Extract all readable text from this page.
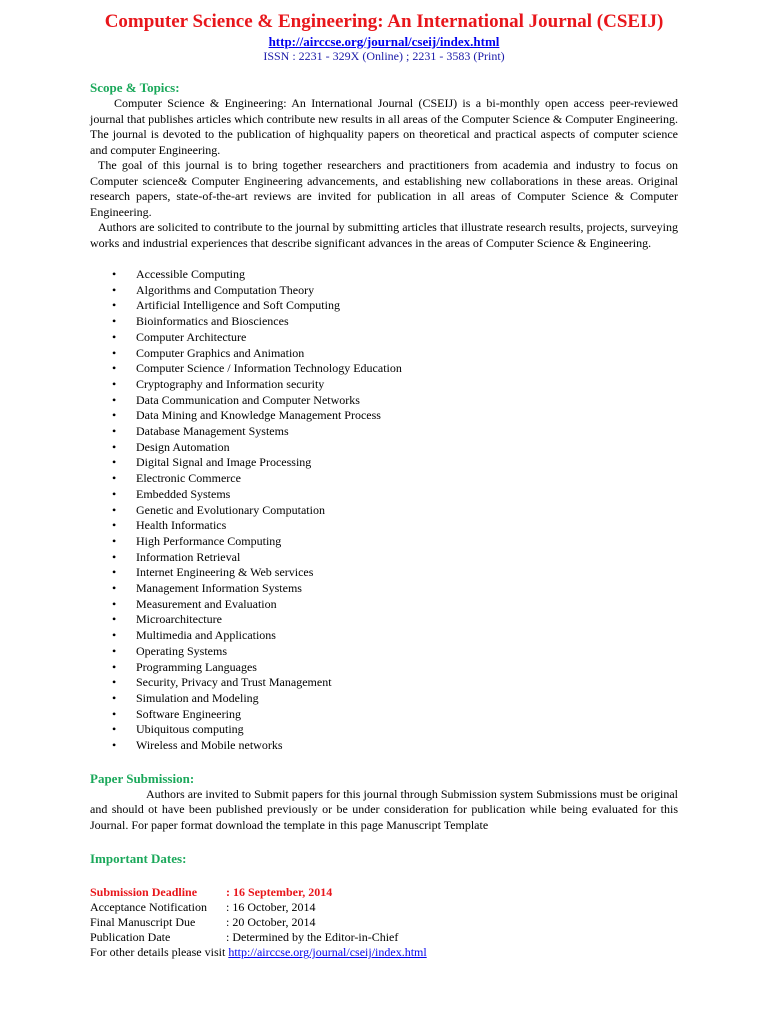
Computer Science & Engineering: An International Journal (CSEIJ)
http://airccse.org/journal/cseij/index.html
ISSN : 2231 - 329X (Online) ; 2231 - 3583 (Print)
Scope & Topics:

Computer Science & Engineering: An International Journal (CSEIJ) is a bi-monthly open access peer-reviewed journal that publishes articles which contribute new results in all areas of the Computer Science & Computer Engineering. The journal is devoted to the publication of highquality papers on theoretical and practical aspects of computer science and computer Engineering.

The goal of this journal is to bring together researchers and practitioners from academia and industry to focus on Computer science& Computer Engineering advancements, and establishing new collaborations in these areas. Original research papers, state-of-the-art reviews are invited for publication in all areas of Computer Science & Computer Engineering.

Authors are solicited to contribute to the journal by submitting articles that illustrate research results, projects, surveying works and industrial experiences that describe significant advances in the areas of Computer Science & Engineering.

• Accessible Computing
• Algorithms and Computation Theory
• Artificial Intelligence and Soft Computing
• Bioinformatics and Biosciences
• Computer Architecture
• Computer Graphics and Animation
• Computer Science / Information Technology Education
• Cryptography and Information security
• Data Communication and Computer Networks
• Data Mining and Knowledge Management Process
• Database Management Systems
• Design Automation
• Digital Signal and Image Processing
• Electronic Commerce
• Embedded Systems
• Genetic and Evolutionary Computation
• Health Informatics
• High Performance Computing
• Information Retrieval
• Internet Engineering & Web services
• Management Information Systems
• Measurement and Evaluation
• Microarchitecture
• Multimedia and Applications
• Operating Systems
• Programming Languages
• Security, Privacy and Trust Management
• Simulation and Modeling
• Software Engineering
• Ubiquitous computing
• Wireless and Mobile networks
Paper Submission:

Authors are invited to Submit papers for this journal through Submission system Submissions must be original and should ot have been published previously or be under consideration for publication while being evaluated for this Journal. For paper format download the template in this page Manuscript Template

Important Dates:
Submission Deadline	: 16 September, 2014
Acceptance Notification	: 16 October, 2014
Final Manuscript Due	: 20 October, 2014
Publication Date	: Determined by the Editor-in-Chief
For other details please visit http://airccse.org/journal/cseij/index.html
